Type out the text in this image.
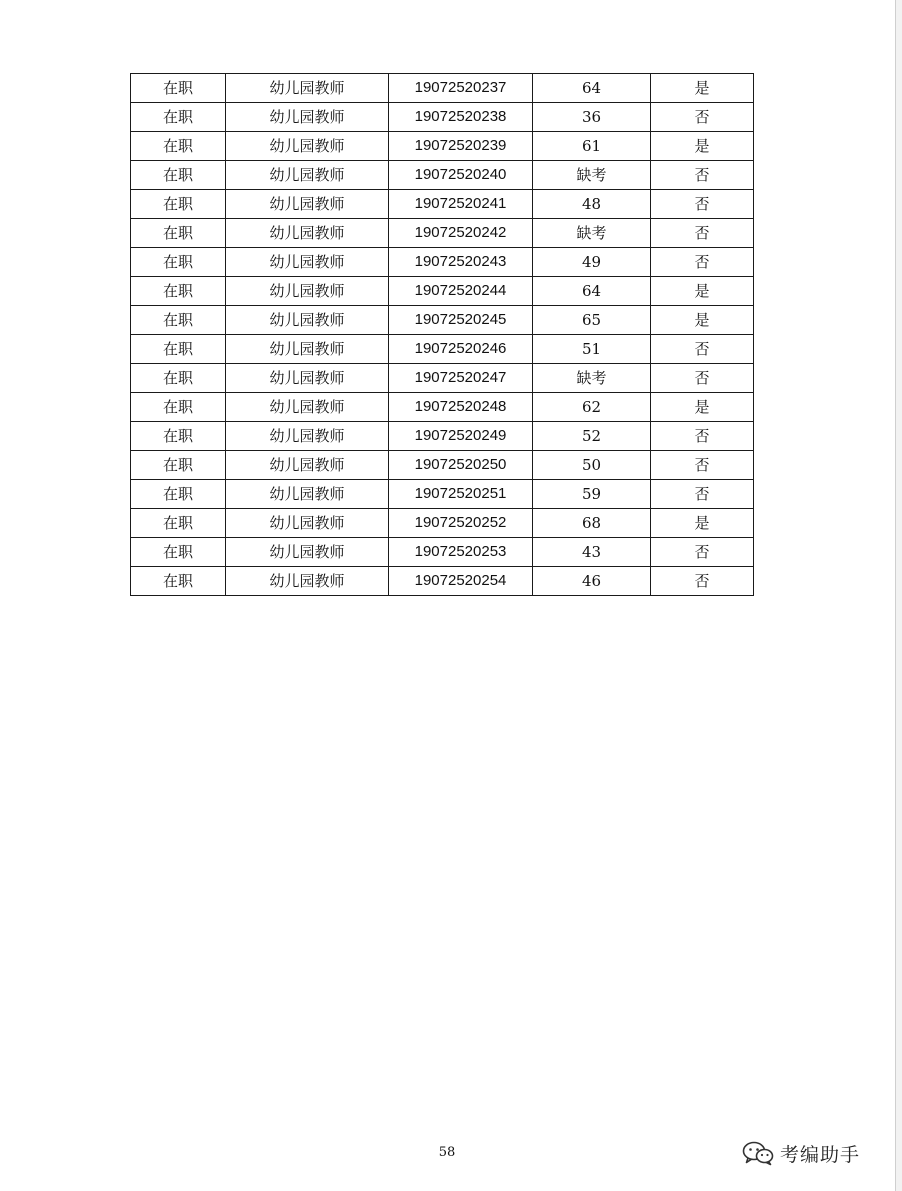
在职	幼儿园教师	19072520237	64	是
在职	幼儿园教师	19072520238	36	否
在职	幼儿园教师	19072520239	61	是
在职	幼儿园教师	19072520240	缺考	否
在职	幼儿园教师	19072520241	48	否
在职	幼儿园教师	19072520242	缺考	否
在职	幼儿园教师	19072520243	49	否
在职	幼儿园教师	19072520244	64	是
在职	幼儿园教师	19072520245	65	是
在职	幼儿园教师	19072520246	51	否
在职	幼儿园教师	19072520247	缺考	否
在职	幼儿园教师	19072520248	62	是
在职	幼儿园教师	19072520249	52	否
在职	幼儿园教师	19072520250	50	否
在职	幼儿园教师	19072520251	59	否
在职	幼儿园教师	19072520252	68	是
在职	幼儿园教师	19072520253	43	否
在职	幼儿园教师	19072520254	46	否
58	考编助手
